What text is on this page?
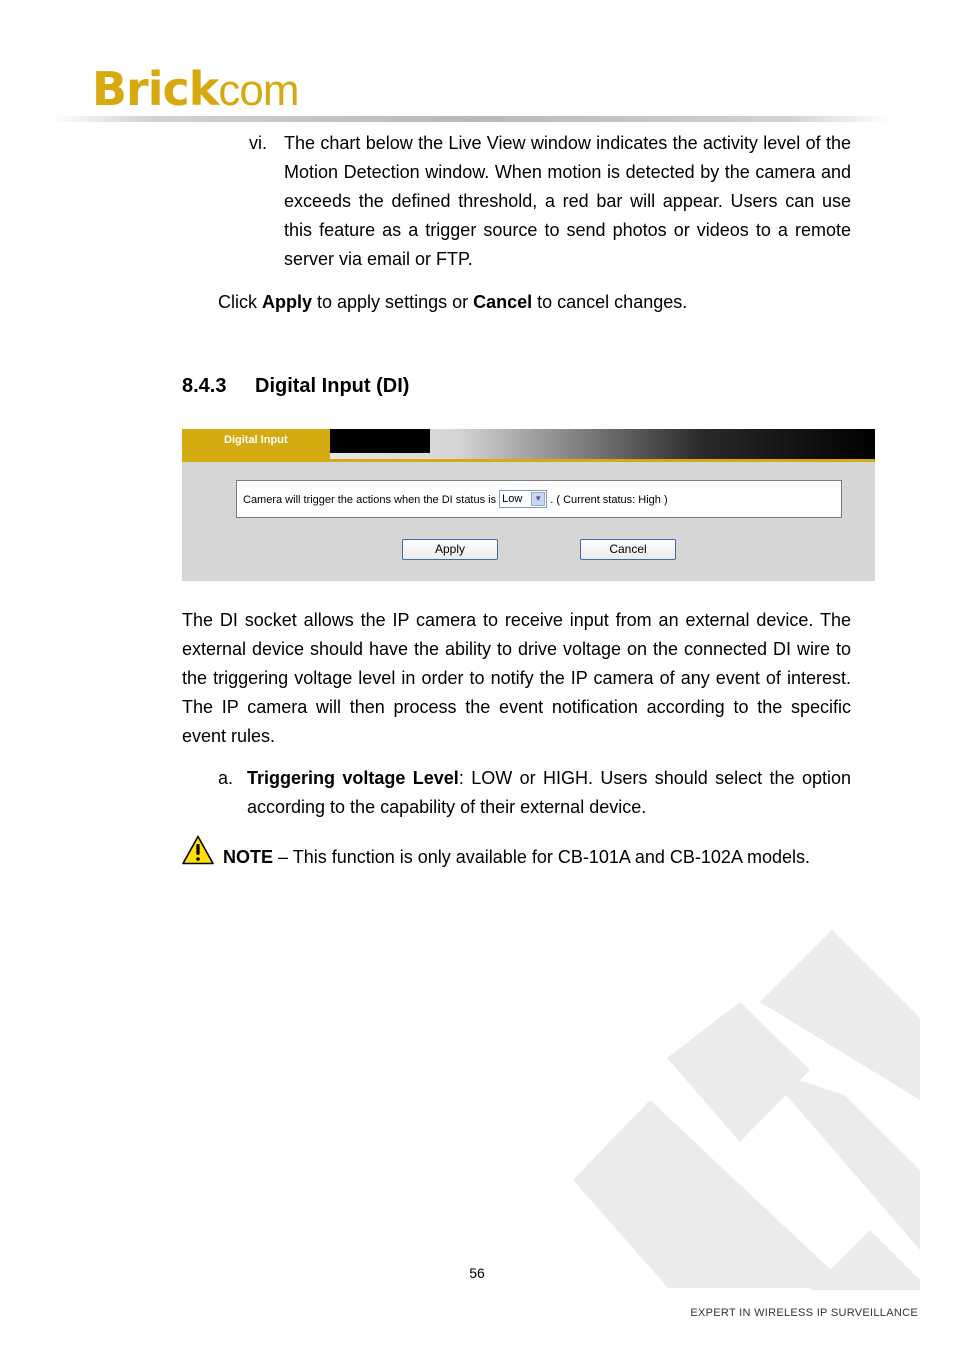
Brickcom
vi. The chart below the Live View window indicates the activity level of the Motion Detection window. When motion is detected by the camera and exceeds the defined threshold, a red bar will appear. Users can use this feature as a trigger source to send photos or videos to a remote server via email or FTP.

Click Apply to apply settings or Cancel to cancel changes.

8.4.3 Digital Input (DI)
Digital Input
Camera will trigger the actions when the DI status is Low	▼ . ( Current status: High )
Apply	Cancel

The DI socket allows the IP camera to receive input from an external device. The external device should have the ability to drive voltage on the connected DI wire to the triggering voltage level in order to notify the IP camera of any event of interest. The IP camera will then process the event notification according to the specific event rules.

a. Triggering voltage Level: LOW or HIGH. Users should select the option according to the capability of their external device.

NOTE – This function is only available for CB-101A and CB-102A models.

56
EXPERT IN WIRELESS IP SURVEILLANCE
